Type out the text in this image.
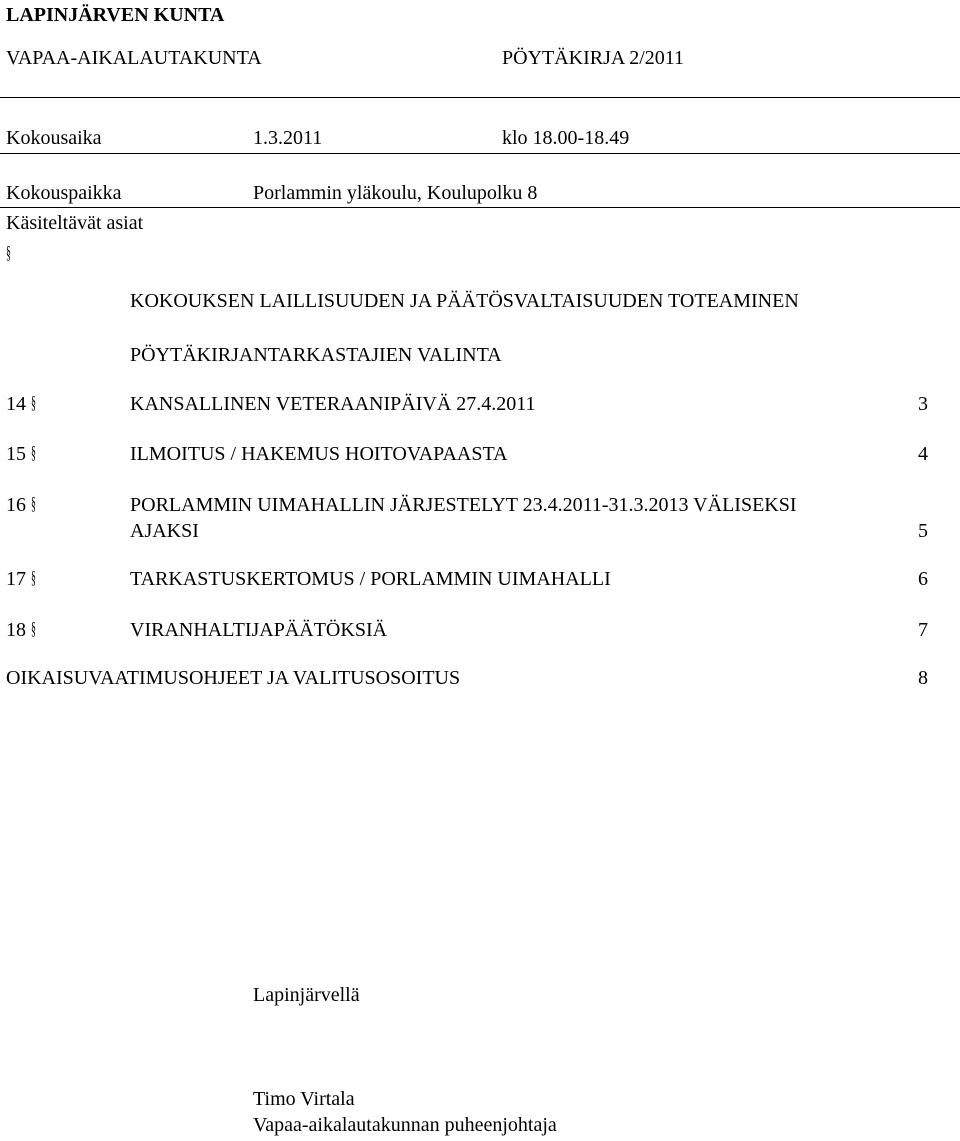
LAPINJÄRVEN KUNTA
VAPAA-AIKALAUTAKUNTA	PÖYTÄKIRJA 2/2011
Kokousaika	1.3.2011	klo 18.00-18.49
Kokouspaikka	Porlammin yläkoulu, Koulupolku 8
Käsiteltävät asiat
§
KOKOUKSEN LAILLISUUDEN JA PÄÄTÖSVALTAISUUDEN TOTEAMINEN
PÖYTÄKIRJANTARKASTAJIEN VALINTA
14 §	KANSALLINEN VETERAANIPÄIVÄ 27.4.2011	3
15 §	ILMOITUS / HAKEMUS HOITOVAPAASTA	4
16 §	PORLAMMIN UIMAHALLIN JÄRJESTELYT 23.4.2011-31.3.2013 VÄLISEKSI
AJAKSI	5
17 §	TARKASTUSKERTOMUS / PORLAMMIN UIMAHALLI	6
18 §	VIRANHALTIJAPÄÄTÖKSIÄ	7
OIKAISUVAATIMUSOHJEET JA VALITUSOSOITUS	8
Lapinjärvellä
Timo Virtala
Vapaa-aikalautakunnan puheenjohtaja
